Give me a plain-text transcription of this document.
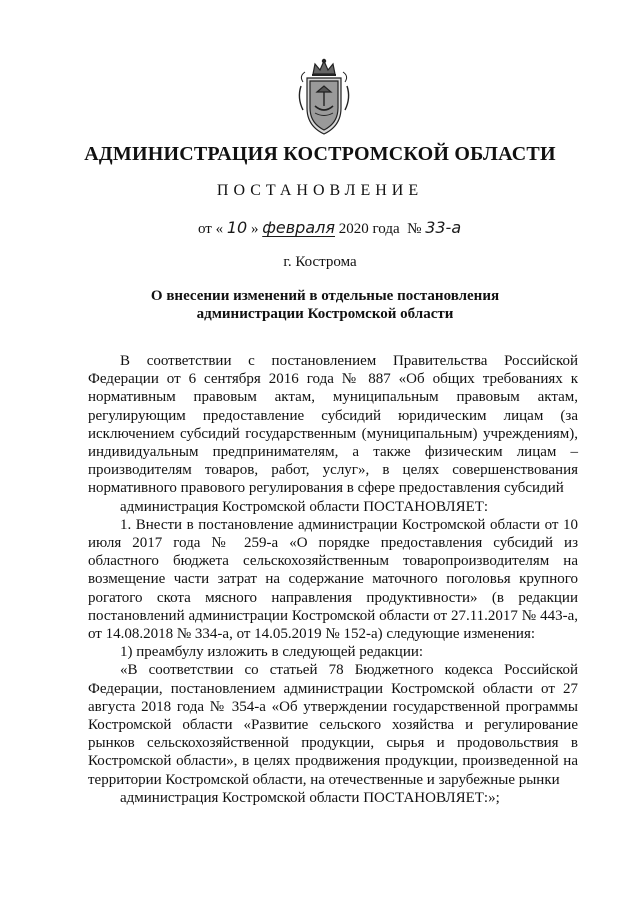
АДМИНИСТРАЦИЯ КОСТРОМСКОЙ ОБЛАСТИ
ПОСТАНОВЛЕНИЕ
от « 10 » февраля 2020 года № 33-а
г. Кострома
О внесении изменений в отдельные постановления
администрации Костромской области

В соответствии с постановлением Правительства Российской Федерации от 6 сентября 2016 года № 887 «Об общих требованиях к нормативным правовым актам, муниципальным правовым актам, регулирующим предоставление субсидий юридическим лицам (за исключением субсидий государственным (муниципальным) учреждениям), индивидуальным предпринимателям, а также физическим лицам – производителям товаров, работ, услуг», в целях совершенствования нормативного правового регулирования в сфере предоставления субсидий

администрация Костромской области ПОСТАНОВЛЯЕТ:

1. Внести в постановление администрации Костромской области от 10 июля 2017 года № 259-а «О порядке предоставления субсидий из областного бюджета сельскохозяйственным товаропроизводителям на возмещение части затрат на содержание маточного поголовья крупного рогатого скота мясного направления продуктивности» (в редакции постановлений администрации Костромской области от 27.11.2017 № 443-а, от 14.08.2018 № 334-а, от 14.05.2019 № 152-а) следующие изменения:

1) преамбулу изложить в следующей редакции:

«В соответствии со статьей 78 Бюджетного кодекса Российской Федерации, постановлением администрации Костромской области от 27 августа 2018 года № 354-а «Об утверждении государственной программы Костромской области «Развитие сельского хозяйства и регулирование рынков сельскохозяйственной продукции, сырья и продовольствия в Костромской области», в целях продвижения продукции, произведенной на территории Костромской области, на отечественные и зарубежные рынки

администрация Костромской области ПОСТАНОВЛЯЕТ:»;
